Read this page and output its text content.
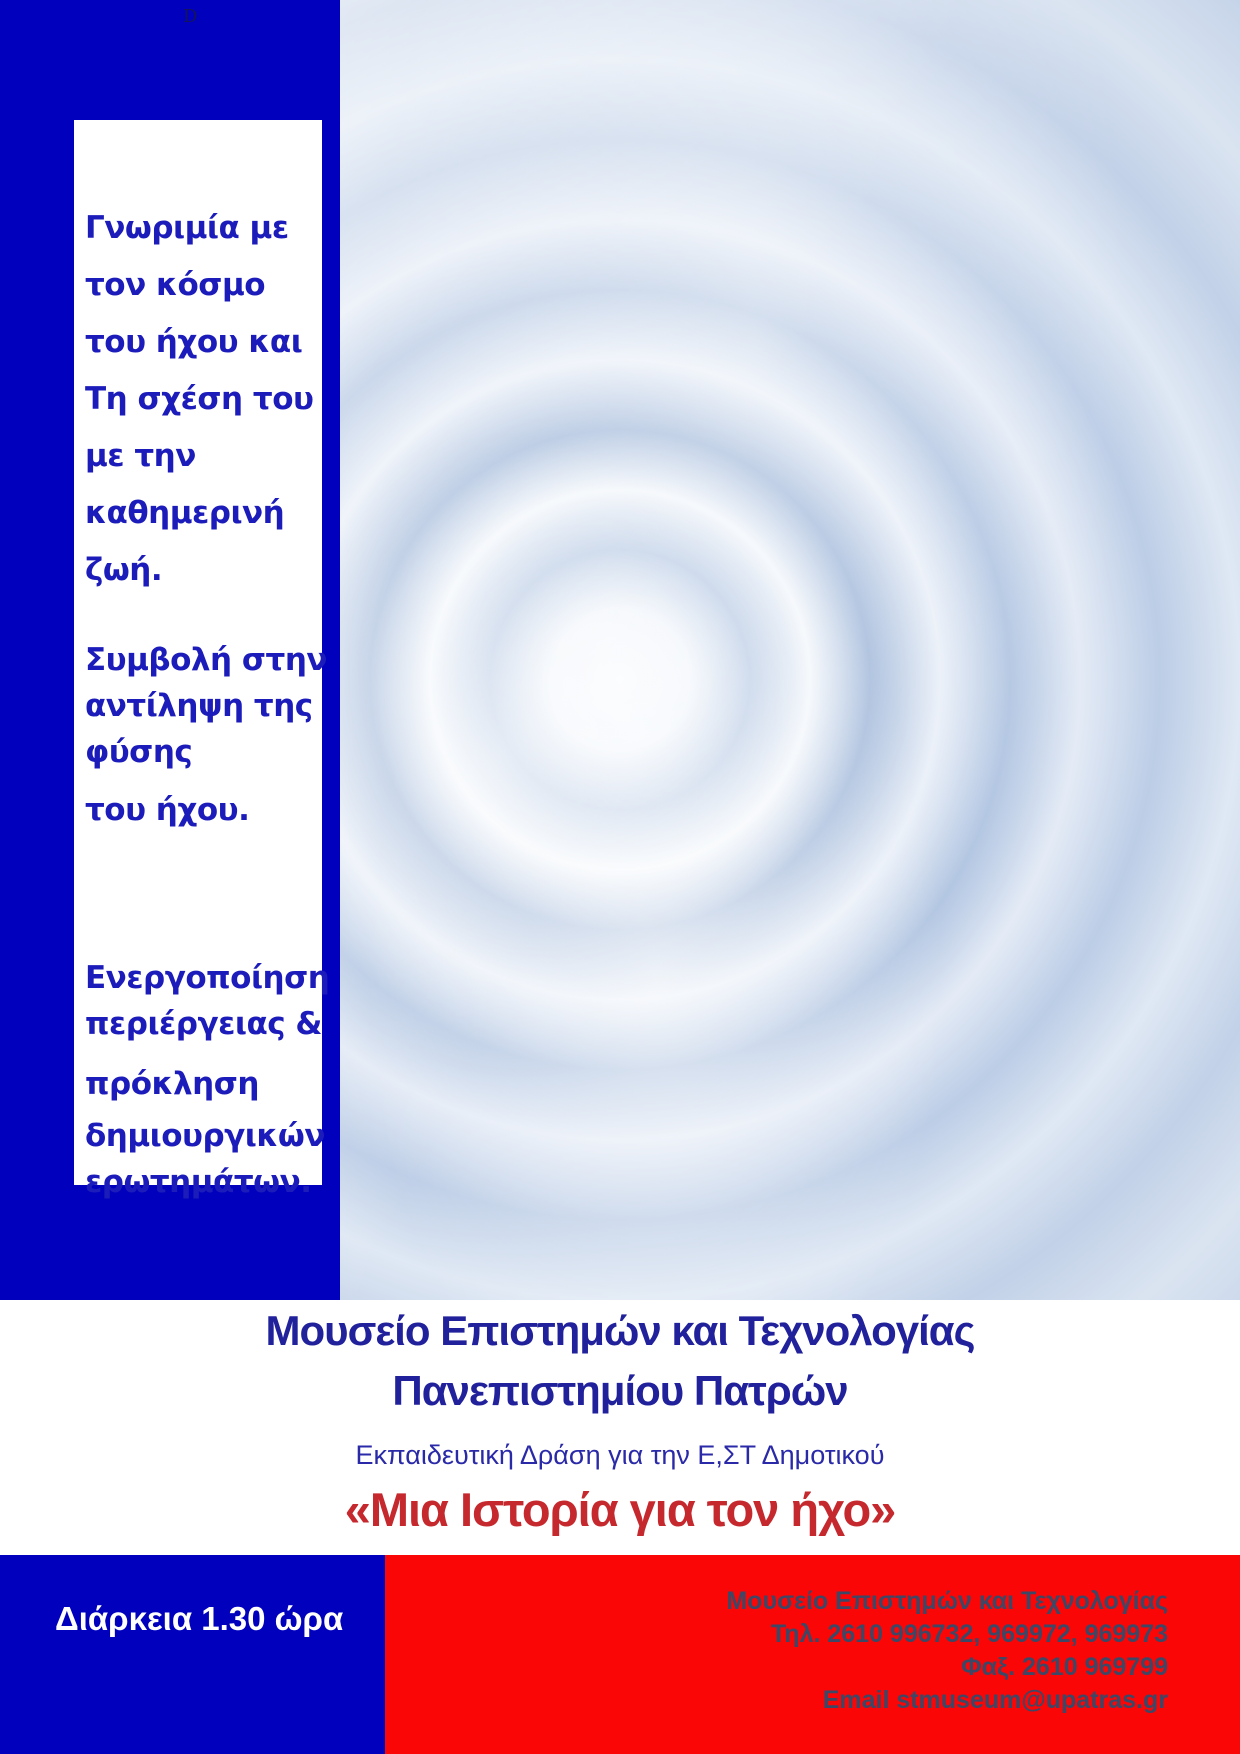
D
Γνωριμία με
τον κόσμο
του ήχου και
Τη σχέση του
με την
καθημερινή
ζωή.
Συμβολή στην
αντίληψη της
φύσης
του ήχου.
Ενεργοποίηση
περιέργειας &
πρόκληση
δημιουργικών
ερωτημάτων.
Μουσείο Επιστημών και Τεχνολογίας
Πανεπιστημίου Πατρών

Εκπαιδευτική Δράση για την Ε,ΣΤ Δημοτικού

«Μια Ιστορία για τον ήχο»
Διάρκεια 1.30 ώρα	Μουσείο Επιστημών και Τεχνολογίας
Τηλ. 2610 996732, 969972, 969973
Φαξ. 2610 969799
Email stmuseum@upatras.gr
